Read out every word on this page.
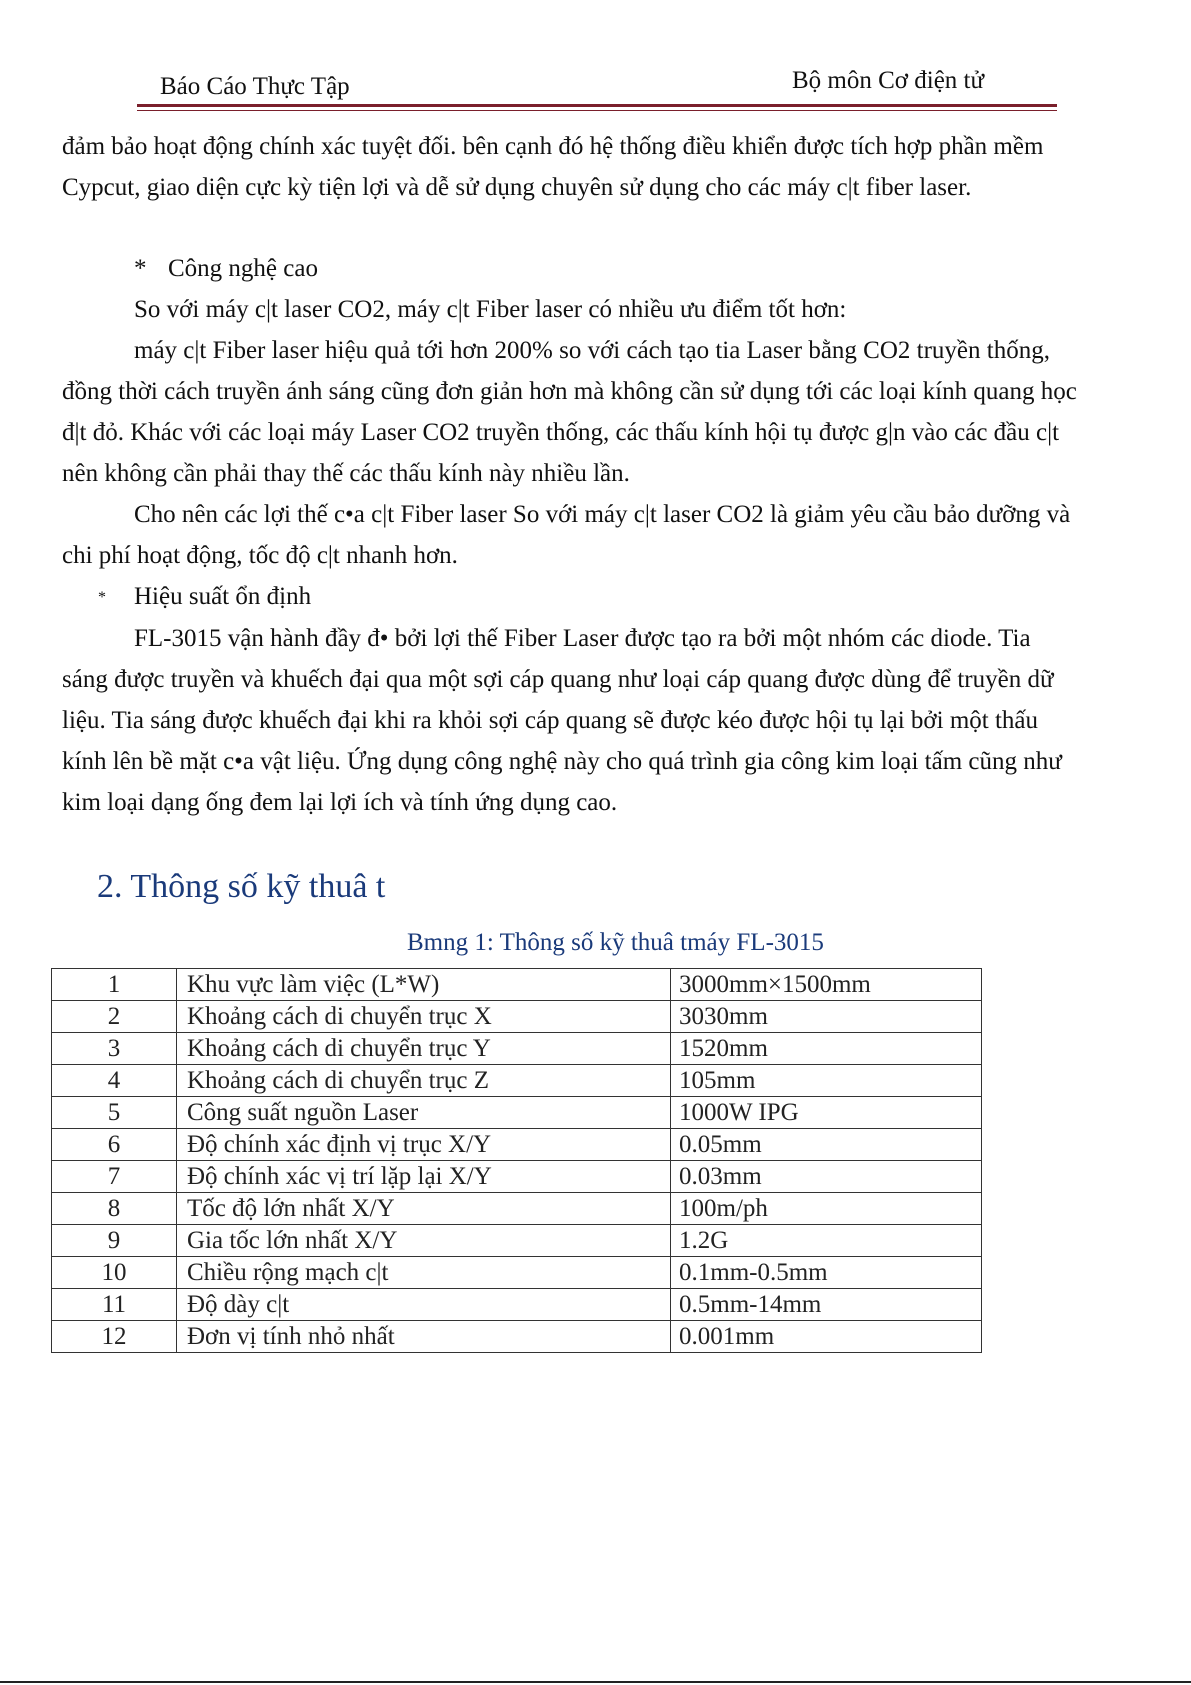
Báo Cáo Thực Tập	Bộ môn Cơ điện tử

đảm bảo hoạt động chính xác tuyệt đối. bên cạnh đó hệ thống điều khiển được tích hợp phần mềm Cypcut, giao diện cực kỳ tiện lợi và dễ sử dụng chuyên sử dụng cho các máy c|t fiber laser.

* Công nghệ cao

So với máy c|t laser CO2, máy c|t Fiber laser có nhiều ưu điểm tốt hơn:

máy c|t Fiber laser hiệu quả tới hơn 200% so với cách tạo tia Laser bằng CO2 truyền thống, đồng thời cách truyền ánh sáng cũng đơn giản hơn mà không cần sử dụng tới các loại kính quang học đ|t đỏ. Khác với các loại máy Laser CO2 truyền thống, các thấu kính hội tụ được g|n vào các đầu c|t nên không cần phải thay thế các thấu kính này nhiều lần.

Cho nên các lợi thế c•a c|t Fiber laser So với máy c|t laser CO2 là giảm yêu cầu bảo dưỡng và chi phí hoạt động, tốc độ c|t nhanh hơn.

* Hiệu suất ổn định

FL-3015 vận hành đầy đ• bởi lợi thế Fiber Laser được tạo ra bởi một nhóm các diode. Tia sáng được truyền và khuếch đại qua một sợi cáp quang như loại cáp quang được dùng để truyền dữ liệu. Tia sáng được khuếch đại khi ra khỏi sợi cáp quang sẽ được kéo được hội tụ lại bởi một thấu kính lên bề mặt c•a vật liệu. Ứng dụng công nghệ này cho quá trình gia công kim loại tấm cũng như kim loại dạng ống đem lại lợi ích và tính ứng dụng cao.

2. Thông số kỹ thuâ t
Bmng 1: Thông số kỹ thuâ tmáy FL-3015
1	Khu vực làm việc (L*W)	3000mm×1500mm
2	Khoảng cách di chuyển trục X	3030mm
3	Khoảng cách di chuyển trục Y	1520mm
4	Khoảng cách di chuyển trục Z	105mm
5	Công suất nguồn Laser	1000W IPG
6	Độ chính xác định vị trục X/Y	0.05mm
7	Độ chính xác vị trí lặp lại X/Y	0.03mm
8	Tốc độ lớn nhất X/Y	100m/ph
9	Gia tốc lớn nhất X/Y	1.2G
10	Chiều rộng mạch c|t	0.1mm-0.5mm
11	Độ dày c|t	0.5mm-14mm
12	Đơn vị tính nhỏ nhất	0.001mm
